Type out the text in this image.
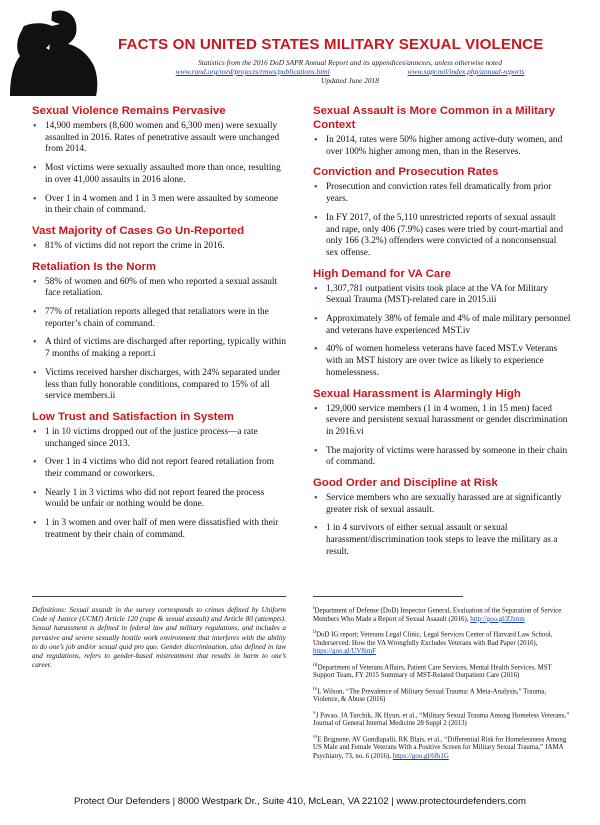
FACTS ON UNITED STATES MILITARY SEXUAL VIOLENCE
Statistics from the 2016 DoD SAPR Annual Report and its appendices/annexes, unless otherwise noted
www.rand.org/nsrd/projects/rmws/publications.html	www.sapr.mil/index.php/annual-reports
Updated June 2018
Sexual Violence Remains Pervasive
• 14,900 members (8,600 women and 6,300 men) were sexually assaulted in 2016. Rates of penetrative assault were unchanged from 2014.
• Most victims were sexually assaulted more than once, resulting in over 41,000 assaults in 2016 alone.
• Over 1 in 4 women and 1 in 3 men were assaulted by someone in their chain of command.
Vast Majority of Cases Go Un-Reported
• 81% of victims did not report the crime in 2016.
Retaliation Is the Norm
• 58% of women and 60% of men who reported a sexual assault face retaliation.
• 77% of retaliation reports alleged that retaliators were in the reporter’s chain of command.
• A third of victims are discharged after reporting, typically within 7 months of making a report.i
• Victims received harsher discharges, with 24% separated under less than fully honorable conditions, compared to 15% of all service members.ii
Low Trust and Satisfaction in System
• 1 in 10 victims dropped out of the justice process—a rate unchanged since 2013.
• Over 1 in 4 victims who did not report feared retaliation from their command or coworkers.
• Nearly 1 in 3 victims who did not report feared the process would be unfair or nothing would be done.
• 1 in 3 women and over half of men were dissatisfied with their treatment by their chain of command.
Sexual Assault is More Common in a Military Context
• In 2014, rates were 50% higher among active-duty women, and over 100% higher among men, than in the Reserves.
Conviction and Prosecution Rates
• Prosecution and conviction rates fell dramatically from prior years.
• In FY 2017, of the 5,110 unrestricted reports of sexual assault and rape, only 406 (7.9%) cases were tried by court-martial and only 166 (3.2%) offenders were convicted of a nonconsensual sex offense.
High Demand for VA Care
• 1,307,781 outpatient visits took place at the VA for Military Sexual Trauma (MST)-related care in 2015.iii
• Approximately 38% of female and 4% of male military personnel and veterans have experienced MST.iv
• 40% of women homeless veterans have faced MST.v Veterans with an MST history are over twice as likely to experience homelessness.
Sexual Harassment is Alarmingly High
• 129,000 service members (1 in 4 women, 1 in 15 men) faced severe and persistent sexual harassment or gender discrimination in 2016.vi
• The majority of victims were harassed by someone in their chain of command.
Good Order and Discipline at Risk
• Service members who are sexually harassed are at significantly greater risk of sexual assault.
• 1 in 4 survivors of either sexual assault or sexual harassment/discrimination took steps to leave the military as a result.
Definitions: Sexual assault in the survey corresponds to crimes defined by Uniform Code of Justice (UCMJ) Article 120 (rape & sexual assault) and Article 80 (attempts). Sexual harassment is defined in federal law and military regulations, and includes a pervasive and severe sexually hostile work environment that interferes with the ability to do one’s job and/or sexual quid pro quo. Gender discrimination, also defined in law and regulations, refers to gender-based mistreatment that results in harm to one’s career.
$^i$Department of Defense (DoD) Inspector General, Evaluation of the Separation of Service Members Who Made a Report of Sexual Assault (2016), http://goo.gl/ZJznm
$^{ii}$DoD IG report; Veterans Legal Clinic, Legal Services Center of Harvard Law School, Underserved: How the VA Wrongfully Excludes Veterans with Bad Paper (2016), https://goo.gl/UV8jmF
$^{iii}$Department of Veterans Affairs, Patient Care Services, Mental Health Services, MST Support Team, FY 2015 Summary of MST-Related Outpatient Care (2016)
$^{iv}$L Wilson, “The Prevalence of Military Sexual Trauma: A Meta-Analysis,” Trauma, Violence, & Abuse (2016)
$^v$J Pavao, JA Turchik, JK Hyun, et al., “Military Sexual Trauma Among Homeless Veterans,” Journal of General Internal Medicine 28 Suppl 2 (2013)
$^{vi}$E Brignone, AV Gundlapalli, RK Blais, et al., “Differential Risk for Homelessness Among US Male and Female Veterans With a Positive Screen for Military Sexual Trauma,” JAMA Psychiatry, 73, no. 6 (2016), https://goo.gl/6fh1G
Protect Our Defenders | 8000 Westpark Dr., Suite 410, McLean, VA 22102 | www.protectourdefenders.com
